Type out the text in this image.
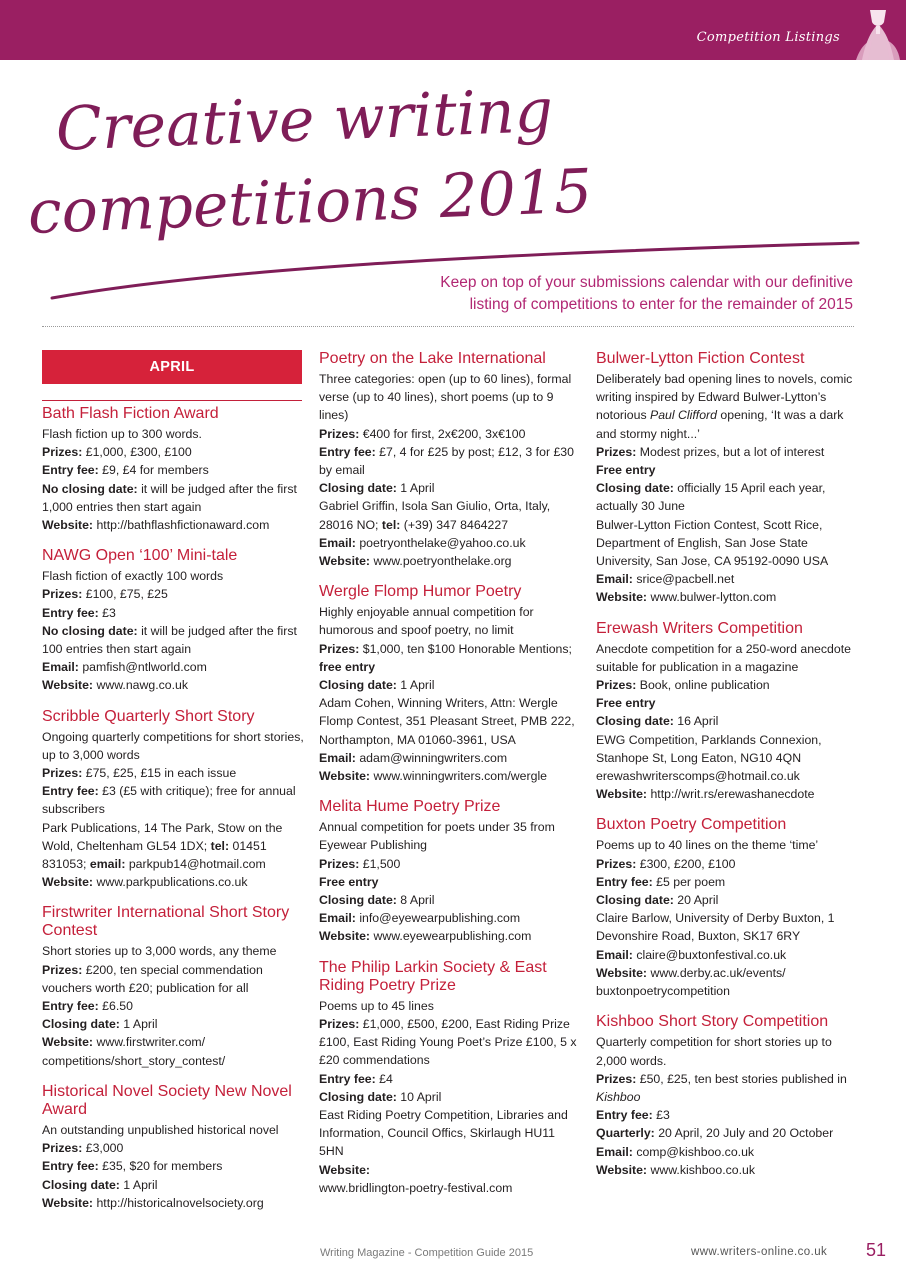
Competition Listings
Creative writing
competitions 2015
Keep on top of your submissions calendar with our definitive
listing of competitions to enter for the remainder of 2015
APRIL
Bath Flash Fiction Award

Flash fiction up to 300 words.

Prizes: £1,000, £300, £100

Entry fee: £9, £4 for members

No closing date: it will be judged after the first 1,000 entries then start again

Website: http://bathflashfictionaward.com

NAWG Open ‘100’ Mini-tale

Flash fiction of exactly 100 words

Prizes: £100, £75, £25

Entry fee: £3

No closing date: it will be judged after the first 100 entries then start again

Email: pamfish@ntlworld.com

Website: www.nawg.co.uk

Scribble Quarterly Short Story

Ongoing quarterly competitions for short stories, up to 3,000 words

Prizes: £75, £25, £15 in each issue

Entry fee: £3 (£5 with critique); free for annual subscribers

Park Publications, 14 The Park, Stow on the Wold, Cheltenham GL54 1DX; tel: 01451 831053; email: parkpub14@hotmail.com

Website: www.parkpublications.co.uk

Firstwriter International Short Story Contest

Short stories up to 3,000 words, any theme

Prizes: £200, ten special commendation vouchers worth £20; publication for all

Entry fee: £6.50

Closing date: 1 April

Website: www.firstwriter.com/ competitions/short_story_contest/

Historical Novel Society New Novel Award

An outstanding unpublished historical novel

Prizes: £3,000

Entry fee: £35, $20 for members

Closing date: 1 April

Website: http://historicalnovelsociety.org

Poetry on the Lake International

Three categories: open (up to 60 lines), formal verse (up to 40 lines), short poems (up to 9 lines)

Prizes: €400 for first, 2x€200, 3x€100

Entry fee: £7, 4 for £25 by post; £12, 3 for £30 by email

Closing date: 1 April

Gabriel Griffin, Isola San Giulio, Orta, Italy, 28016 NO; tel: (+39) 347 8464227

Email: poetryonthelake@yahoo.co.uk

Website: www.poetryonthelake.org

Wergle Flomp Humor Poetry

Highly enjoyable annual competition for humorous and spoof poetry, no limit

Prizes: $1,000, ten $100 Honorable Mentions; free entry

Closing date: 1 April

Adam Cohen, Winning Writers, Attn: Wergle Flomp Contest, 351 Pleasant Street, PMB 222, Northampton, MA 01060-3961, USA

Email: adam@winningwriters.com

Website: www.winningwriters.com/wergle

Melita Hume Poetry Prize

Annual competition for poets under 35 from Eyewear Publishing

Prizes: £1,500

Free entry

Closing date: 8 April

Email: info@eyewearpublishing.com

Website: www.eyewearpublishing.com

The Philip Larkin Society & East Riding Poetry Prize

Poems up to 45 lines

Prizes: £1,000, £500, £200, East Riding Prize £100, East Riding Young Poet’s Prize £100, 5 x £20 commendations

Entry fee: £4

Closing date: 10 April

East Riding Poetry Competition, Libraries and Information, Council Offics, Skirlaugh HU11 5HN

Website:

www.bridlington-poetry-festival.com

Bulwer-Lytton Fiction Contest

Deliberately bad opening lines to novels, comic writing inspired by Edward Bulwer-Lytton’s notorious Paul Clifford opening, ‘It was a dark and stormy night...’

Prizes: Modest prizes, but a lot of interest

Free entry

Closing date: officially 15 April each year, actually 30 June

Bulwer-Lytton Fiction Contest, Scott Rice, Department of English, San Jose State University, San Jose, CA 95192-0090 USA

Email: srice@pacbell.net

Website: www.bulwer-lytton.com

Erewash Writers Competition

Anecdote competition for a 250-word anecdote suitable for publication in a magazine

Prizes: Book, online publication

Free entry

Closing date: 16 April

EWG Competition, Parklands Connexion, Stanhope St, Long Eaton, NG10 4QN

erewashwriterscomps@hotmail.co.uk

Website: http://writ.rs/erewashanecdote

Buxton Poetry Competition

Poems up to 40 lines on the theme ‘time’

Prizes: £300, £200, £100

Entry fee: £5 per poem

Closing date: 20 April

Claire Barlow, University of Derby Buxton, 1 Devonshire Road, Buxton, SK17 6RY

Email: claire@buxtonfestival.co.uk

Website: www.derby.ac.uk/events/ buxtonpoetrycompetition

Kishboo Short Story Competition

Quarterly competition for short stories up to 2,000 words.

Prizes: £50, £25, ten best stories published in Kishboo

Entry fee: £3

Quarterly: 20 April, 20 July and 20 October

Email: comp@kishboo.co.uk

Website: www.kishboo.co.uk

Writing Magazine - Competition Guide 2015	www.writers-online.co.uk 51
